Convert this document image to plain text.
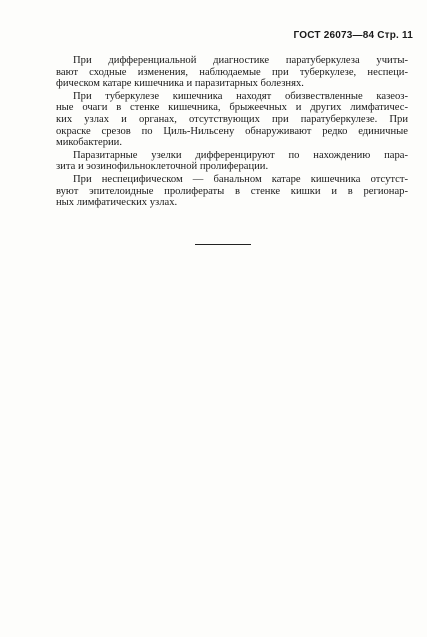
ГОСТ 26073—84 Стр. 11

При дифференциальной диагностике паратуберкулеза учиты-
вают сходные изменения, наблюдаемые при туберкулезе, неспеци-
фическом катаре кишечника и паразитарных болезнях.

При туберкулезе кишечника находят обизвествленные казеоз-
ные очаги в стенке кишечника, брыжеечных и других лимфатичес-
ких узлах и органах, отсутствующих при паратуберкулезе. При
окраске срезов по Циль-Нильсену обнаруживают редко единичные
микобактерии.

Паразитарные узелки дифференцируют по нахождению пара-
зита и эозинофильноклеточной пролиферации.

При неспецифическом — банальном катаре кишечника отсутст-
вуют эпителоидные пролифераты в стенке кишки и в регионар-
ных лимфатических узлах.
